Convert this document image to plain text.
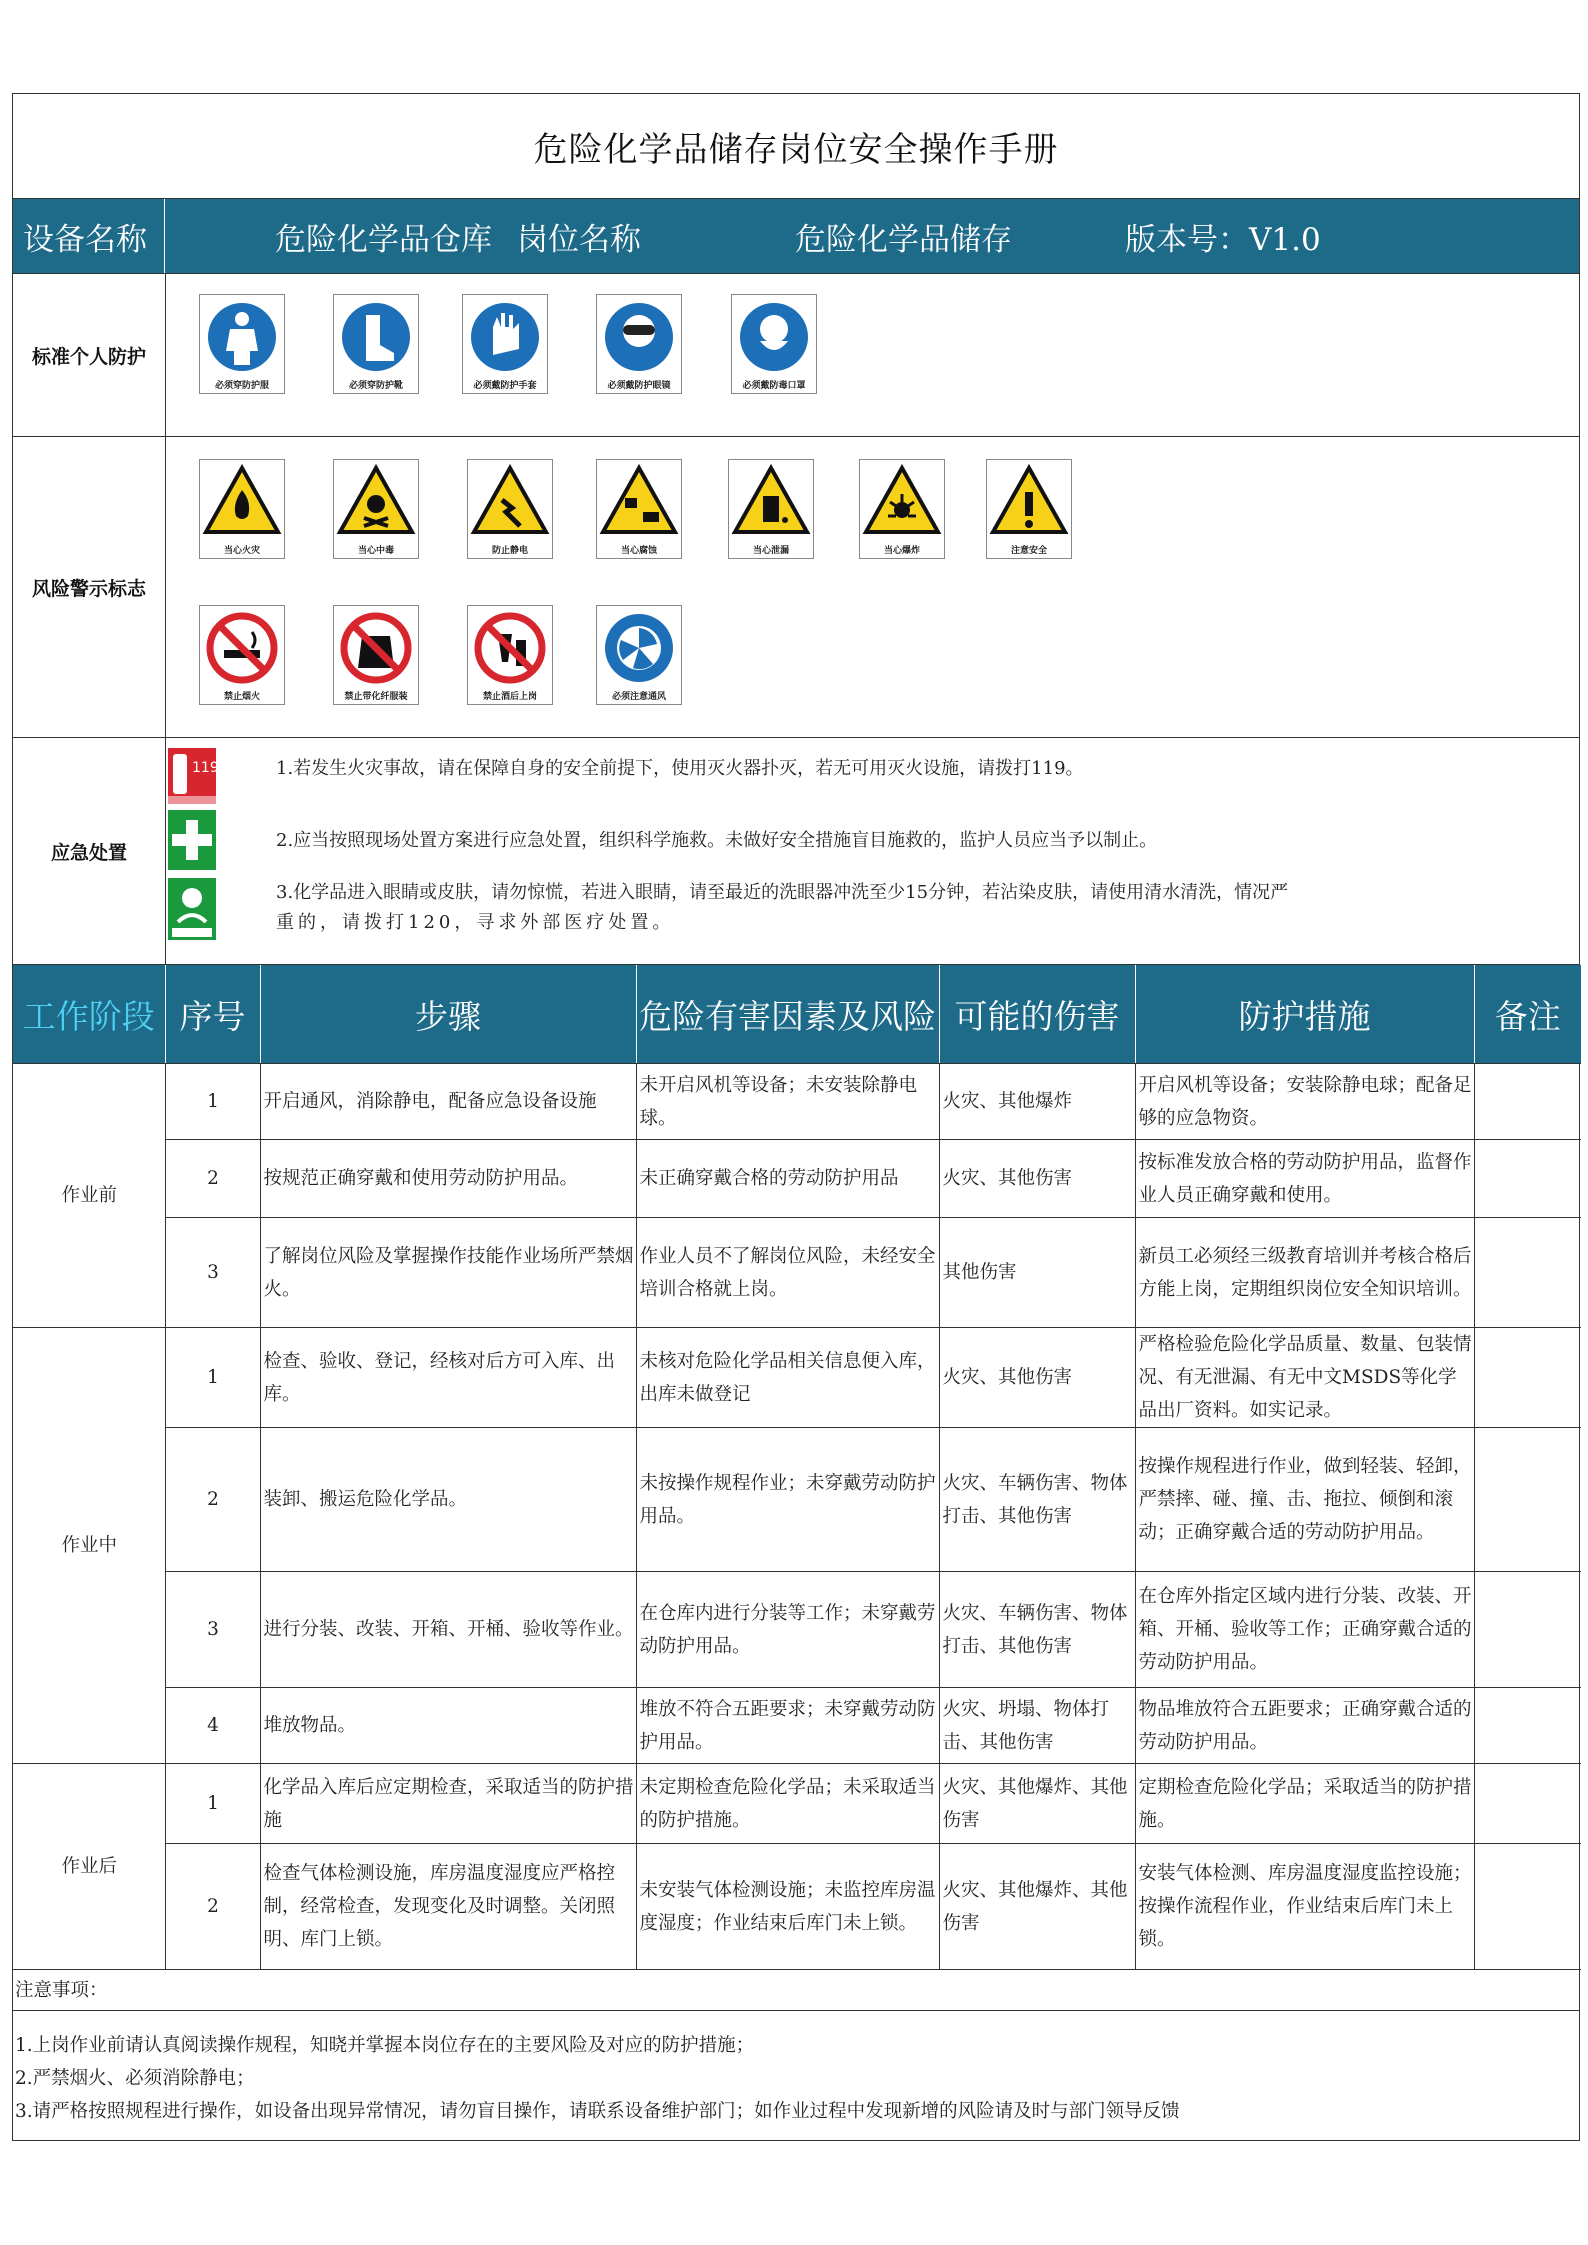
危险化学品储存岗位安全操作手册
设备名称	危险化学品仓库 岗位名称	危险化学品储存	版本号：V1.0
标准个人防护
必须穿防护服	必须穿防护靴	必须戴防护手套	必须戴防护眼镜	必须戴防毒口罩
风险警示标志
当心火灾	当心中毒	防止静电	当心腐蚀	当心泄漏	当心爆炸	注意安全
禁止烟火	禁止带化纤服装	禁止酒后上岗	必须注意通风
应急处置
119	1.若发生火灾事故，请在保障自身的安全前提下，使用灭火器扑灭，若无可用灭火设施，请拨打119。
2.应当按照现场处置方案进行应急处置，组织科学施救。未做好安全措施盲目施救的，监护人员应当予以制止。
3.化学品进入眼睛或皮肤，请勿惊慌，若进入眼睛，请至最近的洗眼器冲洗至少15分钟，若沾染皮肤，请使用清水清洗，情况严
重的，请拨打120，寻求外部医疗处置。
工作阶段	序号	步骤	危险有害因素及风险	可能的伤害	防护措施	备注
作业前	1	开启通风，消除静电，配备应急设备设施	未开启风机等设备；未安装除静电球。	火灾、其他爆炸	开启风机等设备；安装除静电球；配备足够的应急物资。	
	2	按规范正确穿戴和使用劳动防护用品。	未正确穿戴合格的劳动防护用品	火灾、其他伤害	按标准发放合格的劳动防护用品，监督作业人员正确穿戴和使用。	
	3	了解岗位风险及掌握操作技能作业场所严禁烟火。	作业人员不了解岗位风险，未经安全培训合格就上岗。	其他伤害	新员工必须经三级教育培训并考核合格后方能上岗，定期组织岗位安全知识培训。	
作业中	1	检查、验收、登记，经核对后方可入库、出库。	未核对危险化学品相关信息便入库，出库未做登记	火灾、其他伤害	严格检验危险化学品质量、数量、包装情况、有无泄漏、有无中文MSDS等化学品出厂资料。如实记录。	
	2	装卸、搬运危险化学品。	未按操作规程作业；未穿戴劳动防护用品。	火灾、车辆伤害、物体打击、其他伤害	按操作规程进行作业，做到轻装、轻卸，严禁摔、碰、撞、击、拖拉、倾倒和滚动；正确穿戴合适的劳动防护用品。	
	3	进行分装、改装、开箱、开桶、验收等作业。	在仓库内进行分装等工作；未穿戴劳动防护用品。	火灾、车辆伤害、物体打击、其他伤害	在仓库外指定区域内进行分装、改装、开箱、开桶、验收等工作；正确穿戴合适的劳动防护用品。	
	4	堆放物品。	堆放不符合五距要求；未穿戴劳动防护用品。	火灾、坍塌、物体打击、其他伤害	物品堆放符合五距要求；正确穿戴合适的劳动防护用品。	
作业后	1	化学品入库后应定期检查，采取适当的防护措施	未定期检查危险化学品；未采取适当的防护措施。	火灾、其他爆炸、其他伤害	定期检查危险化学品；采取适当的防护措施。	
	2	检查气体检测设施，库房温度湿度应严格控制，经常检查，发现变化及时调整。关闭照明、库门上锁。	未安装气体检测设施；未监控库房温度湿度；作业结束后库门未上锁。	火灾、其他爆炸、其他伤害	安装气体检测、库房温度湿度监控设施；按操作流程作业，作业结束后库门未上锁。	
注意事项：
1.上岗作业前请认真阅读操作规程，知晓并掌握本岗位存在的主要风险及对应的防护措施；
2.严禁烟火、必须消除静电；
3.请严格按照规程进行操作，如设备出现异常情况，请勿盲目操作，请联系设备维护部门；如作业过程中发现新增的风险请及时与部门领导反馈
